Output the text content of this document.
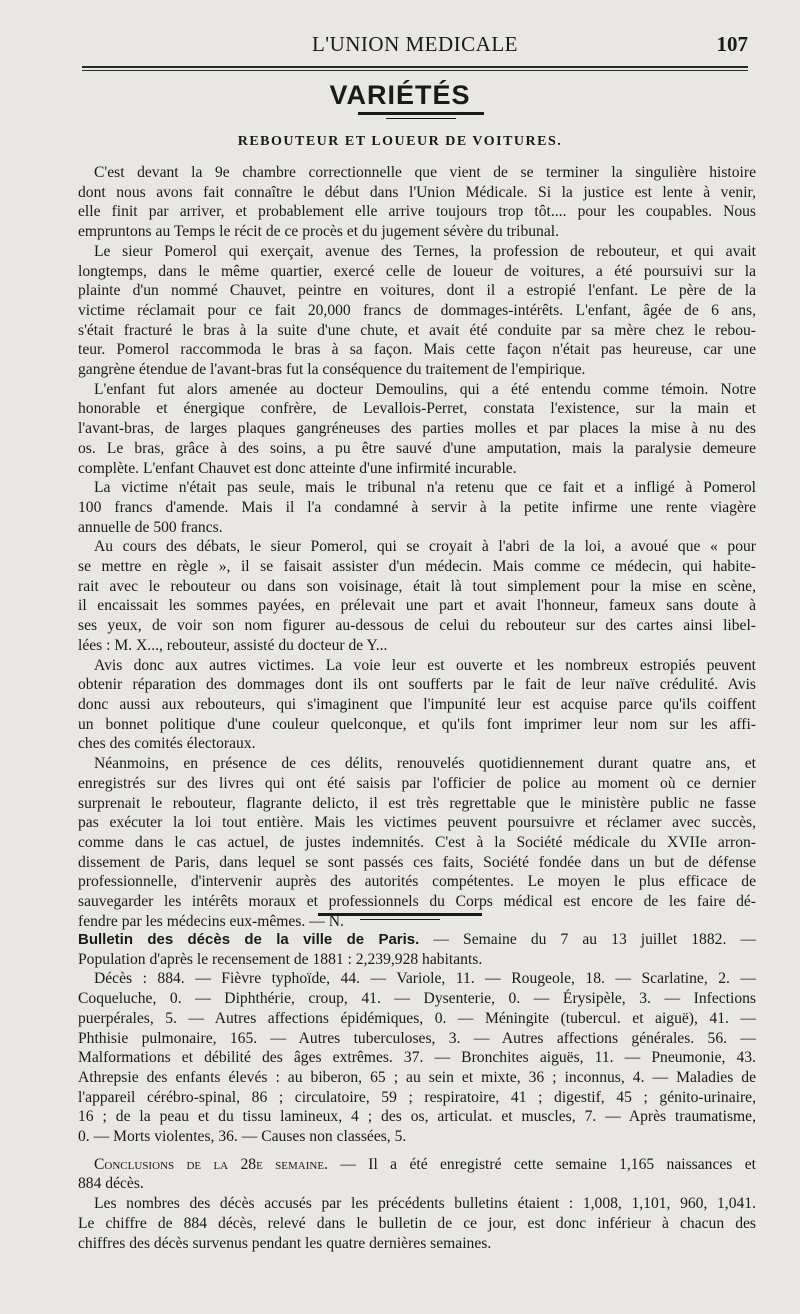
L'UNION MEDICALE	107
VARIÉTÉS
REBOUTEUR ET LOUEUR DE VOITURES.
C'est devant la 9e chambre correctionnelle que vient de se terminer la singulière histoire
dont nous avons fait connaître le début dans l'Union Médicale. Si la justice est lente à venir,
elle finit par arriver, et probablement elle arrive toujours trop tôt.... pour les coupables. Nous
empruntons au Temps le récit de ce procès et du jugement sévère du tribunal.
Le sieur Pomerol qui exerçait, avenue des Ternes, la profession de rebouteur, et qui avait
longtemps, dans le même quartier, exercé celle de loueur de voitures, a été poursuivi sur la
plainte d'un nommé Chauvet, peintre en voitures, dont il a estropié l'enfant. Le père de la
victime réclamait pour ce fait 20,000 francs de dommages-intérêts. L'enfant, âgée de 6 ans,
s'était fracturé le bras à la suite d'une chute, et avait été conduite par sa mère chez le rebou-
teur. Pomerol raccommoda le bras à sa façon. Mais cette façon n'était pas heureuse, car une
gangrène étendue de l'avant-bras fut la conséquence du traitement de l'empirique.
L'enfant fut alors amenée au docteur Demoulins, qui a été entendu comme témoin. Notre
honorable et énergique confrère, de Levallois-Perret, constata l'existence, sur la main et
l'avant-bras, de larges plaques gangréneuses des parties molles et par places la mise à nu des
os. Le bras, grâce à des soins, a pu être sauvé d'une amputation, mais la paralysie demeure
complète. L'enfant Chauvet est donc atteinte d'une infirmité incurable.
La victime n'était pas seule, mais le tribunal n'a retenu que ce fait et a infligé à Pomerol
100 francs d'amende. Mais il l'a condamné à servir à la petite infirme une rente viagère
annuelle de 500 francs.
Au cours des débats, le sieur Pomerol, qui se croyait à l'abri de la loi, a avoué que « pour
se mettre en règle », il se faisait assister d'un médecin. Mais comme ce médecin, qui habite-
rait avec le rebouteur ou dans son voisinage, était là tout simplement pour la mise en scène,
il encaissait les sommes payées, en prélevait une part et avait l'honneur, fameux sans doute à
ses yeux, de voir son nom figurer au-dessous de celui du rebouteur sur des cartes ainsi libel-
lées : M. X..., rebouteur, assisté du docteur de Y...
Avis donc aux autres victimes. La voie leur est ouverte et les nombreux estropiés peuvent
obtenir réparation des dommages dont ils ont soufferts par le fait de leur naïve crédulité. Avis
donc aussi aux rebouteurs, qui s'imaginent que l'impunité leur est acquise parce qu'ils coiffent
un bonnet politique d'une couleur quelconque, et qu'ils font imprimer leur nom sur les affi-
ches des comités électoraux.
Néanmoins, en présence de ces délits, renouvelés quotidiennement durant quatre ans, et
enregistrés sur des livres qui ont été saisis par l'officier de police au moment où ce dernier
surprenait le rebouteur, flagrante delicto, il est très regrettable que le ministère public ne fasse
pas exécuter la loi tout entière. Mais les victimes peuvent poursuivre et réclamer avec succès,
comme dans le cas actuel, de justes indemnités. C'est à la Société médicale du XVIIe arron-
dissement de Paris, dans lequel se sont passés ces faits, Société fondée dans un but de défense
professionnelle, d'intervenir auprès des autorités compétentes. Le moyen le plus efficace de
sauvegarder les intérêts moraux et professionnels du Corps médical est encore de les faire dé-
fendre par les médecins eux-mêmes. — N.
Bulletin des décès de la ville de Paris. — Semaine du 7 au 13 juillet 1882. —
Population d'après le recensement de 1881 : 2,239,928 habitants.
Décès : 884. — Fièvre typhoïde, 44. — Variole, 11. — Rougeole, 18. — Scarlatine, 2. —
Coqueluche, 0. — Diphthérie, croup, 41. — Dysenterie, 0. — Érysipèle, 3. — Infections
puerpérales, 5. — Autres affections épidémiques, 0. — Méningite (tubercul. et aiguë), 41. —
Phthisie pulmonaire, 165. — Autres tuberculoses, 3. — Autres affections générales. 56. —
Malformations et débilité des âges extrêmes. 37. — Bronchites aiguës, 11. — Pneumonie, 43.
Athrepsie des enfants élevés : au biberon, 65 ; au sein et mixte, 36 ; inconnus, 4. — Maladies de
l'appareil cérébro-spinal, 86 ; circulatoire, 59 ; respiratoire, 41 ; digestif, 45 ; génito-urinaire,
16 ; de la peau et du tissu lamineux, 4 ; des os, articulat. et muscles, 7. — Après traumatisme,
0. — Morts violentes, 36. — Causes non classées, 5.
Conclusions de la 28e semaine. — Il a été enregistré cette semaine 1,165 naissances et
884 décès.
Les nombres des décès accusés par les précédents bulletins étaient : 1,008, 1,101, 960, 1,041.
Le chiffre de 884 décès, relevé dans le bulletin de ce jour, est donc inférieur à chacun des
chiffres des décès survenus pendant les quatre dernières semaines.
